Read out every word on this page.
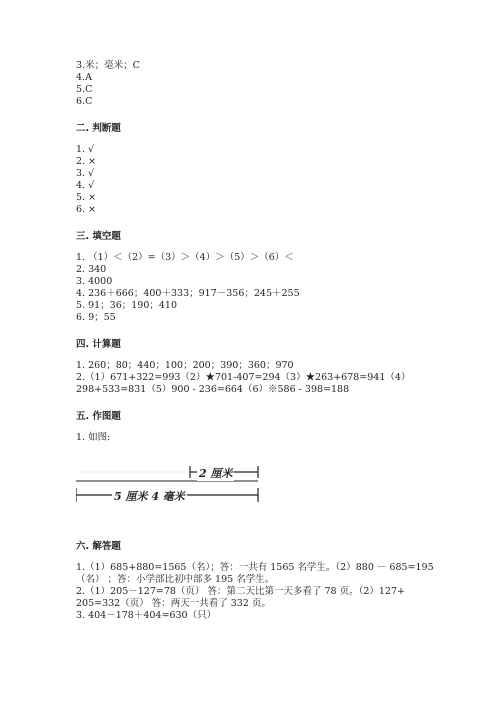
3.米；毫米；C
4.A
5.C
6.C
二. 判断题
1. √
2. ×
3. √
4. √
5. ×
6. ×
三. 填空题
1. （1）＜（2）=（3）＞（4）＞（5）＞（6）＜
2. 340
3. 4000
4. 236＋666；400＋333；917－356；245＋255
5. 91；36；190；410
6. 9；55
四. 计算题
1. 260；80；440；100；200；390；360；970
2.（1）671+322=993（2）★701-407=294（3）★263+678=941（4）
298+533=831（5）900 - 236=664（6）※586 - 398=188
五. 作图题
1. 如图:
2 厘米
5 厘米 4 毫米
六. 解答题
1.（1）685+880=1565（名）；答：一共有 1565 名学生。（2）880 － 685=195
（名） ；答：小学部比初中部多 195 名学生。
2.（1）205－127=78（页） 答：第二天比第一天多看了 78 页。（2）127+
205=332（页） 答：两天一共看了 332 页。
3. 404－178＋404=630（只）
